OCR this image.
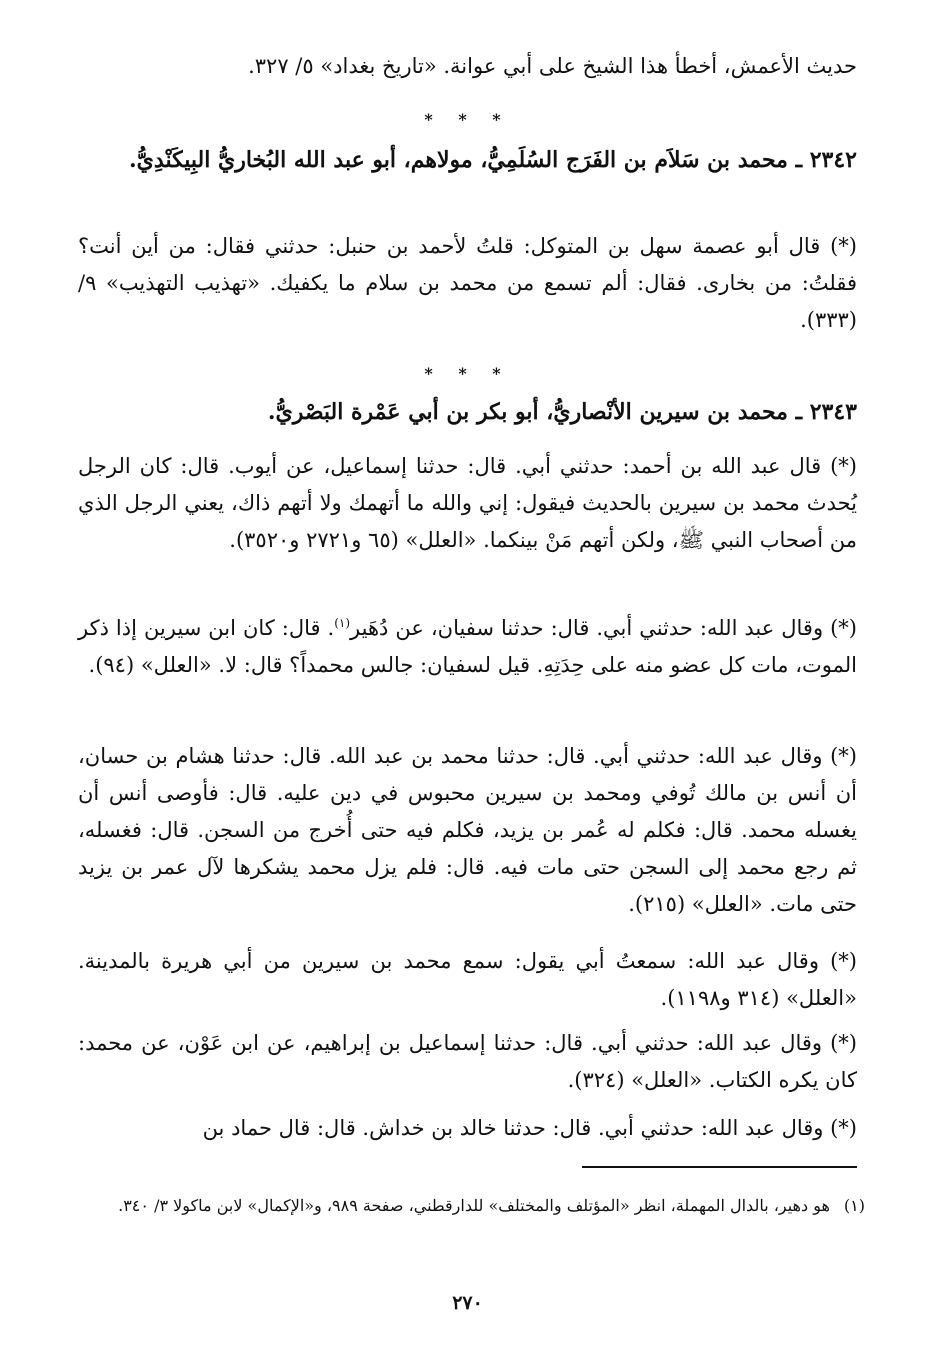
حديث الأعمش، أخطأ هذا الشيخ على أبي عوانة. «تاريخ بغداد» ٥/ ٣٢٧.

* * *
٢٣٤٢ ـ محمد بن سَلاَم بن الفَرَج السُلَمِيُّ، مولاهم، أبو عبد الله البُخاريُّ البِيكَنْدِيُّ.

(*) قال أبو عصمة سهل بن المتوكل: قلتُ لأحمد بن حنبل: حدثني فقال: من أين أنت؟ فقلتُ: من بخارى. فقال: ألم تسمع من محمد بن سلام ما يكفيك. «تهذيب التهذيب» ٩/ (٣٣٣).

* * *
٢٣٤٣ ـ محمد بن سيرين الأنْصاريُّ، أبو بكر بن أبي عَمْرة البَصْريُّ.

(*) قال عبد الله بن أحمد: حدثني أبي. قال: حدثنا إسماعيل، عن أيوب. قال: كان الرجل يُحدث محمد بن سيرين بالحديث فيقول: إني والله ما أتهمك ولا أتهم ذاك، يعني الرجل الذي من أصحاب النبي ﷺ، ولكن أتهم مَنْ بينكما. «العلل» (٦٥ و٢٧٢١ و٣٥٢٠).

(*) وقال عبد الله: حدثني أبي. قال: حدثنا سفيان، عن دُهَير$^{(١)}$. قال: كان ابن سيرين إذا ذكر الموت، مات كل عضو منه على حِدَتِهِ. قيل لسفيان: جالس محمداً؟ قال: لا. «العلل» (٩٤).

(*) وقال عبد الله: حدثني أبي. قال: حدثنا محمد بن عبد الله. قال: حدثنا هشام بن حسان، أن أنس بن مالك تُوفي ومحمد بن سيرين محبوس في دين عليه. قال: فأوصى أنس أن يغسله محمد. قال: فكلم له عُمر بن يزيد، فكلم فيه حتى أُخرج من السجن. قال: فغسله، ثم رجع محمد إلى السجن حتى مات فيه. قال: فلم يزل محمد يشكرها لآل عمر بن يزيد حتى مات. «العلل» (٢١٥).

(*) وقال عبد الله: سمعتُ أبي يقول: سمع محمد بن سيرين من أبي هريرة بالمدينة. «العلل» (٣١٤ و١١٩٨).

(*) وقال عبد الله: حدثني أبي. قال: حدثنا إسماعيل بن إبراهيم، عن ابن عَوْن، عن محمد: كان يكره الكتاب. «العلل» (٣٢٤).

(*) وقال عبد الله: حدثني أبي. قال: حدثنا خالد بن خداش. قال: قال حماد بن

(١)هو دهير، بالدال المهملة، انظر «المؤتلف والمختلف» للدارقطني، صفحة ٩٨٩، و«الإكمال» لابن ماكولا ٣/ ٣٤٠.
٢٧٠
